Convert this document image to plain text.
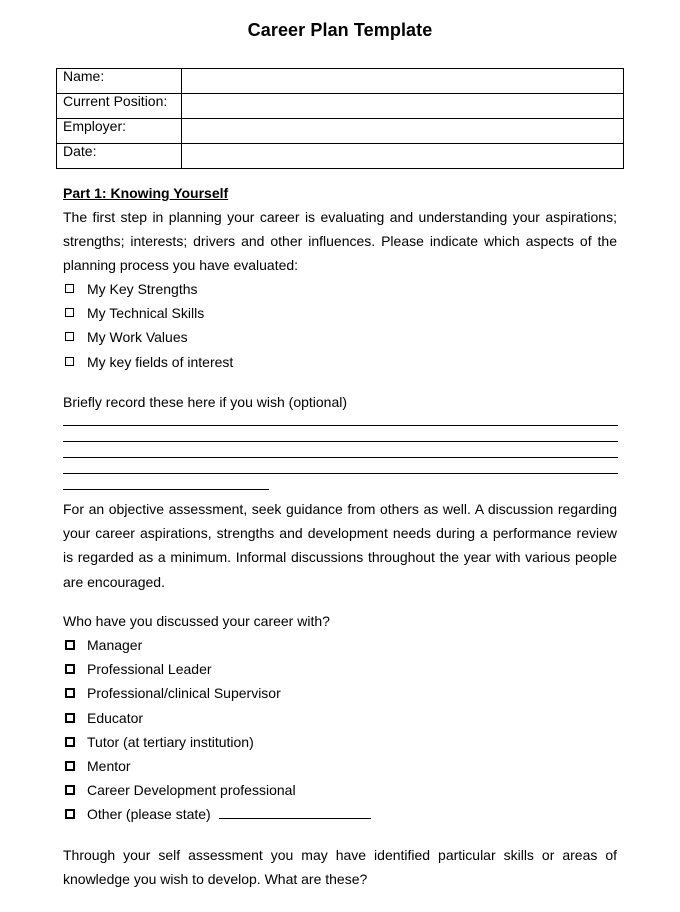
Career Plan Template
Name:	
Current Position:	
Employer:	
Date:	
Part 1: Knowing Yourself
The first step in planning your career is evaluating and understanding your aspirations; strengths; interests; drivers and other influences. Please indicate which aspects of the planning process you have evaluated:
My Key Strengths
My Technical Skills
My Work Values
My key fields of interest
Briefly record these here if you wish (optional)
For an objective assessment, seek guidance from others as well. A discussion regarding your career aspirations, strengths and development needs during a performance review is regarded as a minimum. Informal discussions throughout the year with various people are encouraged.
Who have you discussed your career with?
Manager
Professional Leader
Professional/clinical Supervisor
Educator
Tutor (at tertiary institution)
Mentor
Career Development professional
Other (please state)
Through your self assessment you may have identified particular skills or areas of knowledge you wish to develop. What are these?
